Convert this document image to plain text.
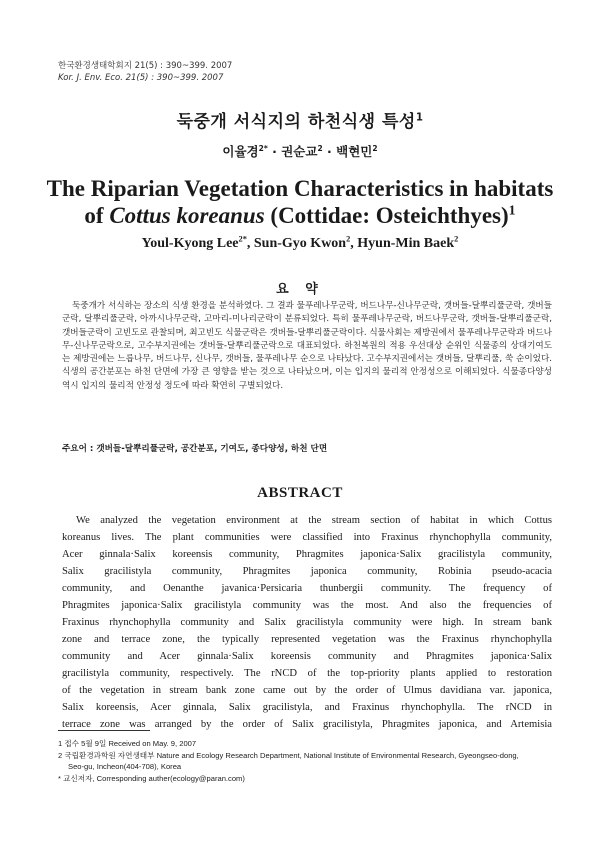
한국환경생태학회지 21(5) : 390~399. 2007
Kor. J. Env. Eco. 21(5) : 390~399. 2007
둑중개 서식지의 하천식생 특성$^1$
이율경$^{2*}$ · 권순교$^2$ · 백현민$^2$
The Riparian Vegetation Characteristics in habitats
of Cottus koreanus (Cottidae: Osteichthyes)$^1$
Youl-Kyong Lee$^{2*}$, Sun-Gyo Kwon$^2$, Hyun-Min Baek$^2$
요 약

둑중개가 서식하는 장소의 식생 환경을 분석하였다. 그 결과 물푸레나무군락, 버드나무-신나무군락, 갯버들-달뿌리풀군락, 갯버들군락, 달뿌리풀군락, 아까시나무군락, 고마리-미나리군락이 분류되었다. 특히 물푸레나무군락, 버드나무군락, 갯버들-달뿌리풀군락, 갯버들군락이 고빈도로 관찰되며, 최고빈도 식물군락은 갯버들-달뿌리풀군락이다. 식물사회는 제방권에서 물푸레나무군락과 버드나무-신나무군락으로, 고수부지권에는 갯버들-달뿌리풀군락으로 대표되었다. 하천복원의 적용 우선대상 순위인 식물종의 상대기여도는 제방권에는 느릅나무, 버드나무, 신나무, 갯버들, 물푸레나무 순으로 나타났다. 고수부지권에서는 갯버들, 달뿌리풀, 쑥 순이었다. 식생의 공간분포는 하천 단면에 가장 큰 영향을 받는 것으로 나타났으며, 이는 입지의 물리적 안정성으로 이해되었다. 식물종다양성 역시 입지의 물리적 안정성 정도에 따라 확연히 구별되었다.

주요어 : 갯버들-달뿌리풀군락, 공간분포, 기여도, 종다양성, 하천 단면
ABSTRACT
We analyzed the vegetation environment at the stream section of habitat in which Cottus
koreanus lives. The plant communities were classified into Fraxinus rhynchophylla community,
Acer ginnala·Salix koreensis community, Phragmites japonica·Salix gracilistyla community,
Salix gracilistyla community, Phragmites japonica community, Robinia pseudo-acacia
community, and Oenanthe javanica·Persicaria thunbergii community. The frequency of
Phragmites japonica·Salix gracilistyla community was the most. And also the frequencies of
Fraxinus rhynchophylla community and Salix gracilistyla community were high. In stream bank
zone and terrace zone, the typically represented vegetation was the Fraxinus rhynchophylla
community and Acer ginnala·Salix koreensis community and Phragmites japonica·Salix
gracilistyla community, respectively. The rNCD of the top-priority plants applied to restoration
of the vegetation in stream bank zone came out by the order of Ulmus davidiana var. japonica,
Salix koreensis, Acer ginnala, Salix gracilistyla, and Fraxinus rhynchophylla. The rNCD in
terrace zone was arranged by the order of Salix gracilistyla, Phragmites japonica, and Artemisia
1 접수 5월 9일 Received on May. 9, 2007
2 국립환경과학원 자연생태부 Nature and Ecology Research Department, National Institute of Environmental Research, Gyeongseo-dong,
Seo-gu, Incheon(404-708), Korea
* 교신저자, Corresponding auther(ecology@paran.com)
